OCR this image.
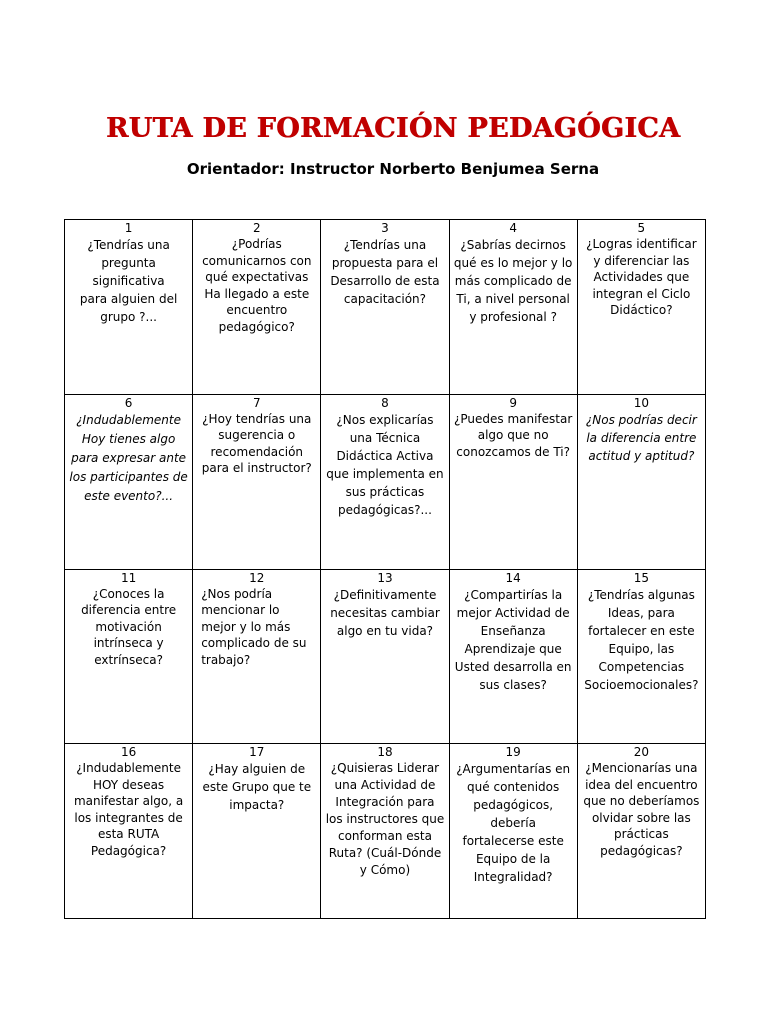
RUTA DE FORMACIÓN PEDAGÓGICA
Orientador: Instructor Norberto Benjumea Serna
1
¿Tendrías una pregunta significativa para alguien del grupo ?...	2
¿Podrías comunicarnos con qué expectativas Ha llegado a este encuentro pedagógico?	3
¿Tendrías una propuesta para el Desarrollo de esta capacitación?	4
¿Sabrías decirnos qué es lo mejor y lo más complicado de Ti, a nivel personal y profesional ?	5
¿Logras identificar y diferenciar las Actividades que integran el Ciclo Didáctico?

6
¿Indudablemente Hoy tienes algo para expresar ante los participantes de este evento?...	7
¿Hoy tendrías una sugerencia o recomendación para el instructor?	8
¿Nos explicarías una Técnica Didáctica Activa que implementa en sus prácticas pedagógicas?...	9
¿Puedes manifestar algo que no conozcamos de Ti?	10
¿Nos podrías decir la diferencia entre actitud y aptitud?

11
¿Conoces la diferencia entre motivación intrínseca y extrínseca?	12
¿Nos podría mencionar lo mejor y lo más complicado de su trabajo?	13
¿Definitivamente necesitas cambiar algo en tu vida?	14
¿Compartirías la mejor Actividad de Enseñanza Aprendizaje que Usted desarrolla en sus clases?	15
¿Tendrías algunas Ideas, para fortalecer en este Equipo, las Competencias Socioemocionales?

16
¿Indudablemente HOY deseas manifestar algo, a los integrantes de esta RUTA Pedagógica?	17
¿Hay alguien de este Grupo que te impacta?	18
¿Quisieras Liderar una Actividad de Integración para los instructores que conforman esta Ruta? (Cuál-Dónde y Cómo)	19
¿Argumentarías en qué contenidos pedagógicos, debería fortalecerse este Equipo de la Integralidad?	20
¿Mencionarías una idea del encuentro que no deberíamos olvidar sobre las prácticas pedagógicas?
